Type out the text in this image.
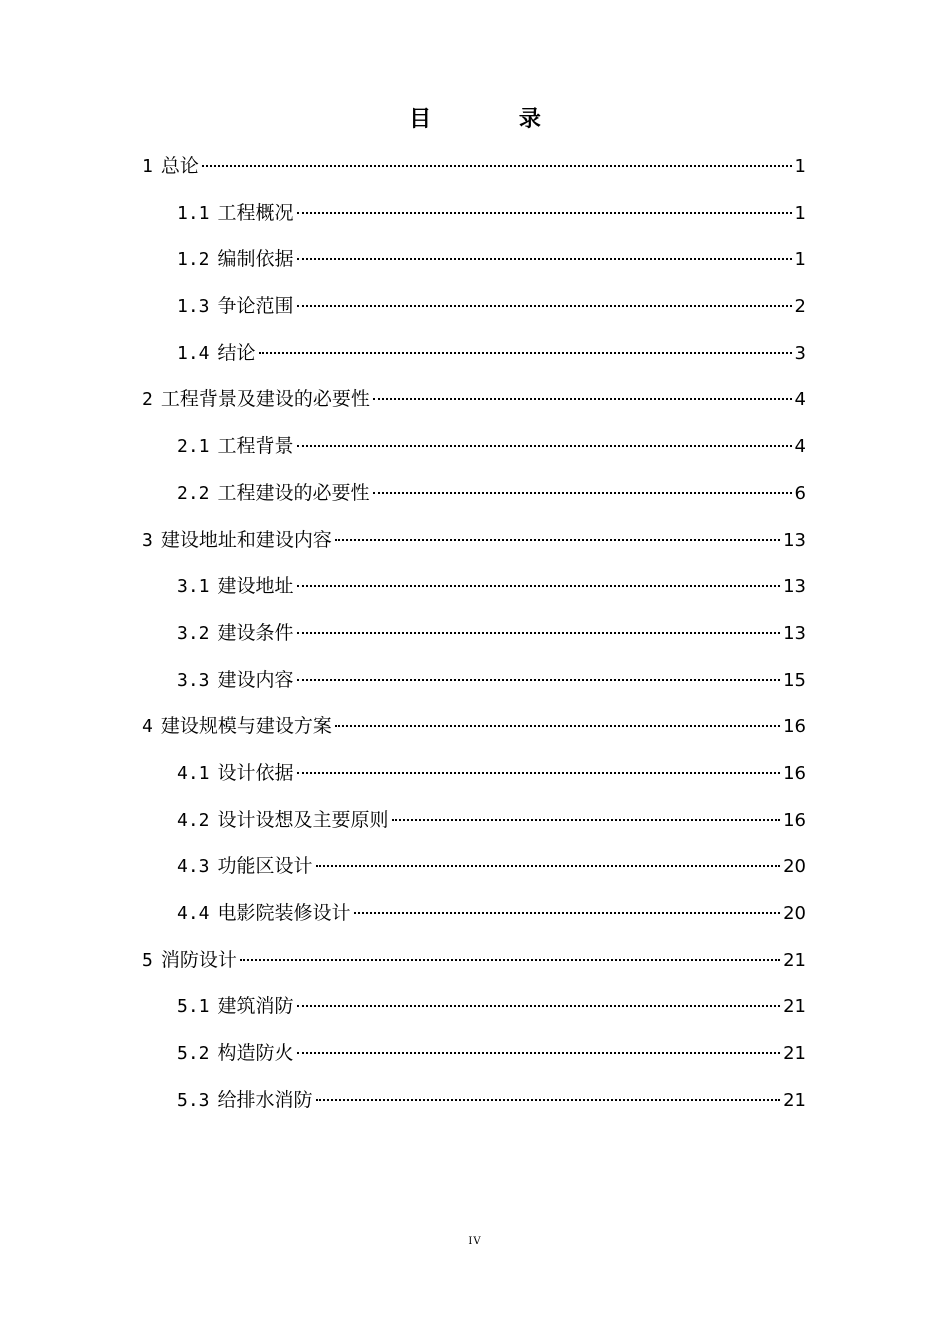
目 录
1 总论	1
1.1 工程概况	1
1.2 编制依据	1
1.3 争论范围	2
1.4 结论	3
2 工程背景及建设的必要性	4
2.1 工程背景	4
2.2 工程建设的必要性	6
3 建设地址和建设内容	13
3.1 建设地址	13
3.2 建设条件	13
3.3 建设内容	15
4 建设规模与建设方案	16
4.1 设计依据	16
4.2 设计设想及主要原则	16
4.3 功能区设计	20
4.4 电影院装修设计	20
5 消防设计	21
5.1 建筑消防	21
5.2 构造防火	21
5.3 给排水消防	21
IV
